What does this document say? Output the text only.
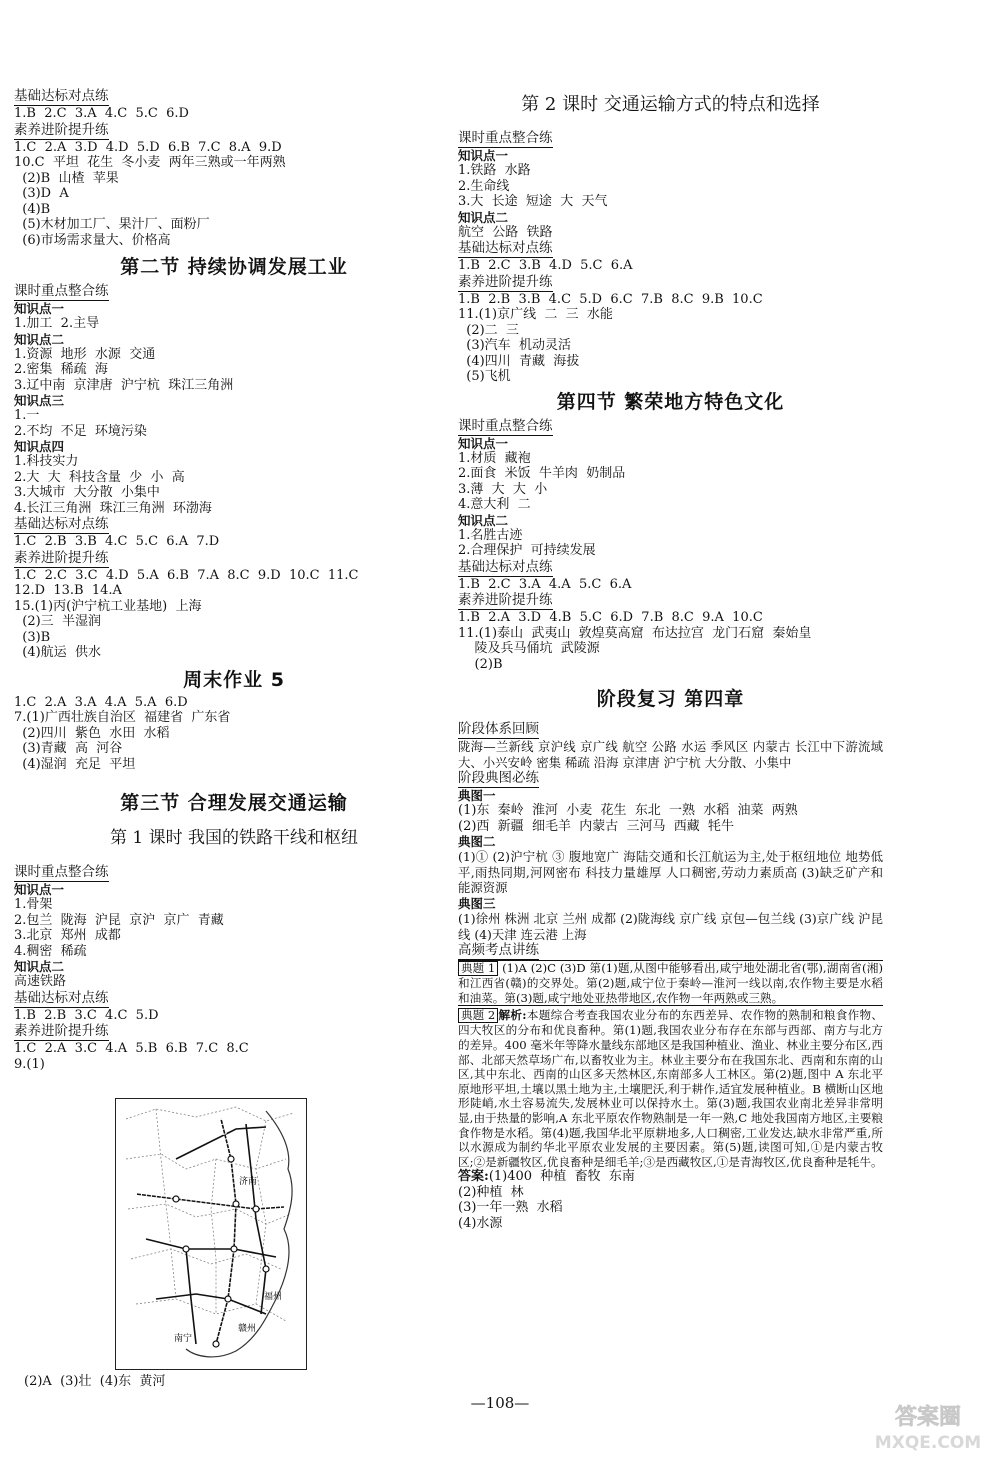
基础达标对点练
1.B  2.C  3.A  4.C  5.C  6.D
素养进阶提升练
1.C  2.A  3.D  4.D  5.D  6.B  7.C  8.A  9.D
10.C  平坦  花生  冬小麦  两年三熟或一年两熟
(2)B  山楂  苹果
(3)D  A
(4)B
(5)木材加工厂、果汁厂、面粉厂
(6)市场需求量大、价格高
第二节 持续协调发展工业
课时重点整合练
知识点一
1.加工  2.主导
知识点二
1.资源  地形  水源  交通
2.密集  稀疏  海
3.辽中南  京津唐  沪宁杭  珠江三角洲
知识点三
1.一
2.不均  不足  环境污染
知识点四
1.科技实力
2.大  大  科技含量  少  小  高
3.大城市  大分散  小集中
4.长江三角洲  珠江三角洲  环渤海
基础达标对点练
1.C  2.B  3.B  4.C  5.C  6.A  7.D
素养进阶提升练
1.C  2.C  3.C  4.D  5.A  6.B  7.A  8.C  9.D  10.C  11.C
12.D  13.B  14.A
15.(1)丙(沪宁杭工业基地)  上海
(2)三  半湿润
(3)B
(4)航运  供水
周末作业 5
1.C  2.A  3.A  4.A  5.A  6.D
7.(1)广西壮族自治区  福建省  广东省
(2)四川  紫色  水田  水稻
(3)青藏  高  河谷
(4)湿润  充足  平坦
第三节 合理发展交通运输
第 1 课时 我国的铁路干线和枢纽
课时重点整合练
知识点一
1.骨架
2.包兰  陇海  沪昆  京沪  京广  青藏
3.北京  郑州  成都
4.稠密  稀疏
知识点二
高速铁路
基础达标对点练
1.B  2.B  3.C  4.C  5.D
素养进阶提升练
1.C  2.A  3.C  4.A  5.B  6.B  7.C  8.C
9.(1)
济南
福州
南宁
赣州
(2)A  (3)壮  (4)东  黄河
第 2 课时 交通运输方式的特点和选择
课时重点整合练
知识点一
1.铁路  水路
2.生命线
3.大  长途  短途  大  天气
知识点二
航空  公路  铁路
基础达标对点练
1.B  2.C  3.B  4.D  5.C  6.A
素养进阶提升练
1.B  2.B  3.B  4.C  5.D  6.C  7.B  8.C  9.B  10.C
11.(1)京广线  二  三  水能
(2)二  三
(3)汽车  机动灵活
(4)四川  青藏  海拔
(5)飞机
第四节 繁荣地方特色文化
课时重点整合练
知识点一
1.材质  藏袍
2.面食  米饭  牛羊肉  奶制品
3.薄  大  大  小
4.意大利  二
知识点二
1.名胜古迹
2.合理保护  可持续发展
基础达标对点练
1.B  2.C  3.A  4.A  5.C  6.A
素养进阶提升练
1.B  2.A  3.D  4.B  5.C  6.D  7.B  8.C  9.A  10.C
11.(1)泰山  武夷山  敦煌莫高窟  布达拉宫  龙门石窟  秦始皇
陵及兵马俑坑  武陵源
(2)B
阶段复习 第四章
阶段体系回顾
陇海—兰新线 京沪线 京广线 航空 公路 水运 季风区 内蒙古 长江中下游流域 大、小兴安岭 密集 稀疏 沿海 京津唐 沪宁杭 大分散、小集中
阶段典图必练
典图一
(1)东  秦岭  淮河  小麦  花生  东北  一熟  水稻  油菜  两熟
(2)西  新疆  细毛羊  内蒙古  三河马  西藏  牦牛
典图二
(1)① (2)沪宁杭 ③ 腹地宽广 海陆交通和长江航运为主,处于枢纽地位 地势低平,雨热同期,河网密布 科技力量雄厚 人口稠密,劳动力素质高 (3)缺乏矿产和能源资源
典图三
(1)徐州 株洲 北京 兰州 成都 (2)陇海线 京广线 京包—包兰线 (3)京广线 沪昆线 (4)天津 连云港 上海
高频考点讲练
典题 1 (1)A (2)C (3)D 第(1)题,从图中能够看出,咸宁地处湖北省(鄂),湖南省(湘)和江西省(赣)的交界处。第(2)题,咸宁位于秦岭—淮河一线以南,农作物主要是水稻和油菜。第(3)题,咸宁地处亚热带地区,农作物一年两熟或三熟。
典题 2 解析:本题综合考查我国农业分布的东西差异、农作物的熟制和粮食作物、四大牧区的分布和优良畜种。第(1)题,我国农业分布存在东部与西部、南方与北方的差异。400 毫米年等降水量线东部地区是我国种植业、渔业、林业主要分布区,西部、北部天然草场广布,以畜牧业为主。林业主要分布在我国东北、西南和东南的山区,其中东北、西南的山区多天然林区,东南部多人工林区。第(2)题,图中 A 东北平原地形平坦,土壤以黑土地为主,土壤肥沃,利于耕作,适宜发展种植业。B 横断山区地形陡峭,水土容易流失,发展林业可以保持水土。第(3)题,我国农业南北差异非常明显,由于热量的影响,A 东北平原农作物熟制是一年一熟,C 地处我国南方地区,主要粮食作物是水稻。第(4)题,我国华北平原耕地多,人口稠密,工业发达,缺水非常严重,所以水源成为制约华北平原农业发展的主要因素。第(5)题,读图可知,①是内蒙古牧区;②是新疆牧区,优良畜种是细毛羊;③是西藏牧区,①是青海牧区,优良畜种是牦牛。
答案:(1)400  种植  畜牧  东南
(2)种植  林
(3)一年一熟  水稻
(4)水源
—108—
答案圈
MXQE.COM
